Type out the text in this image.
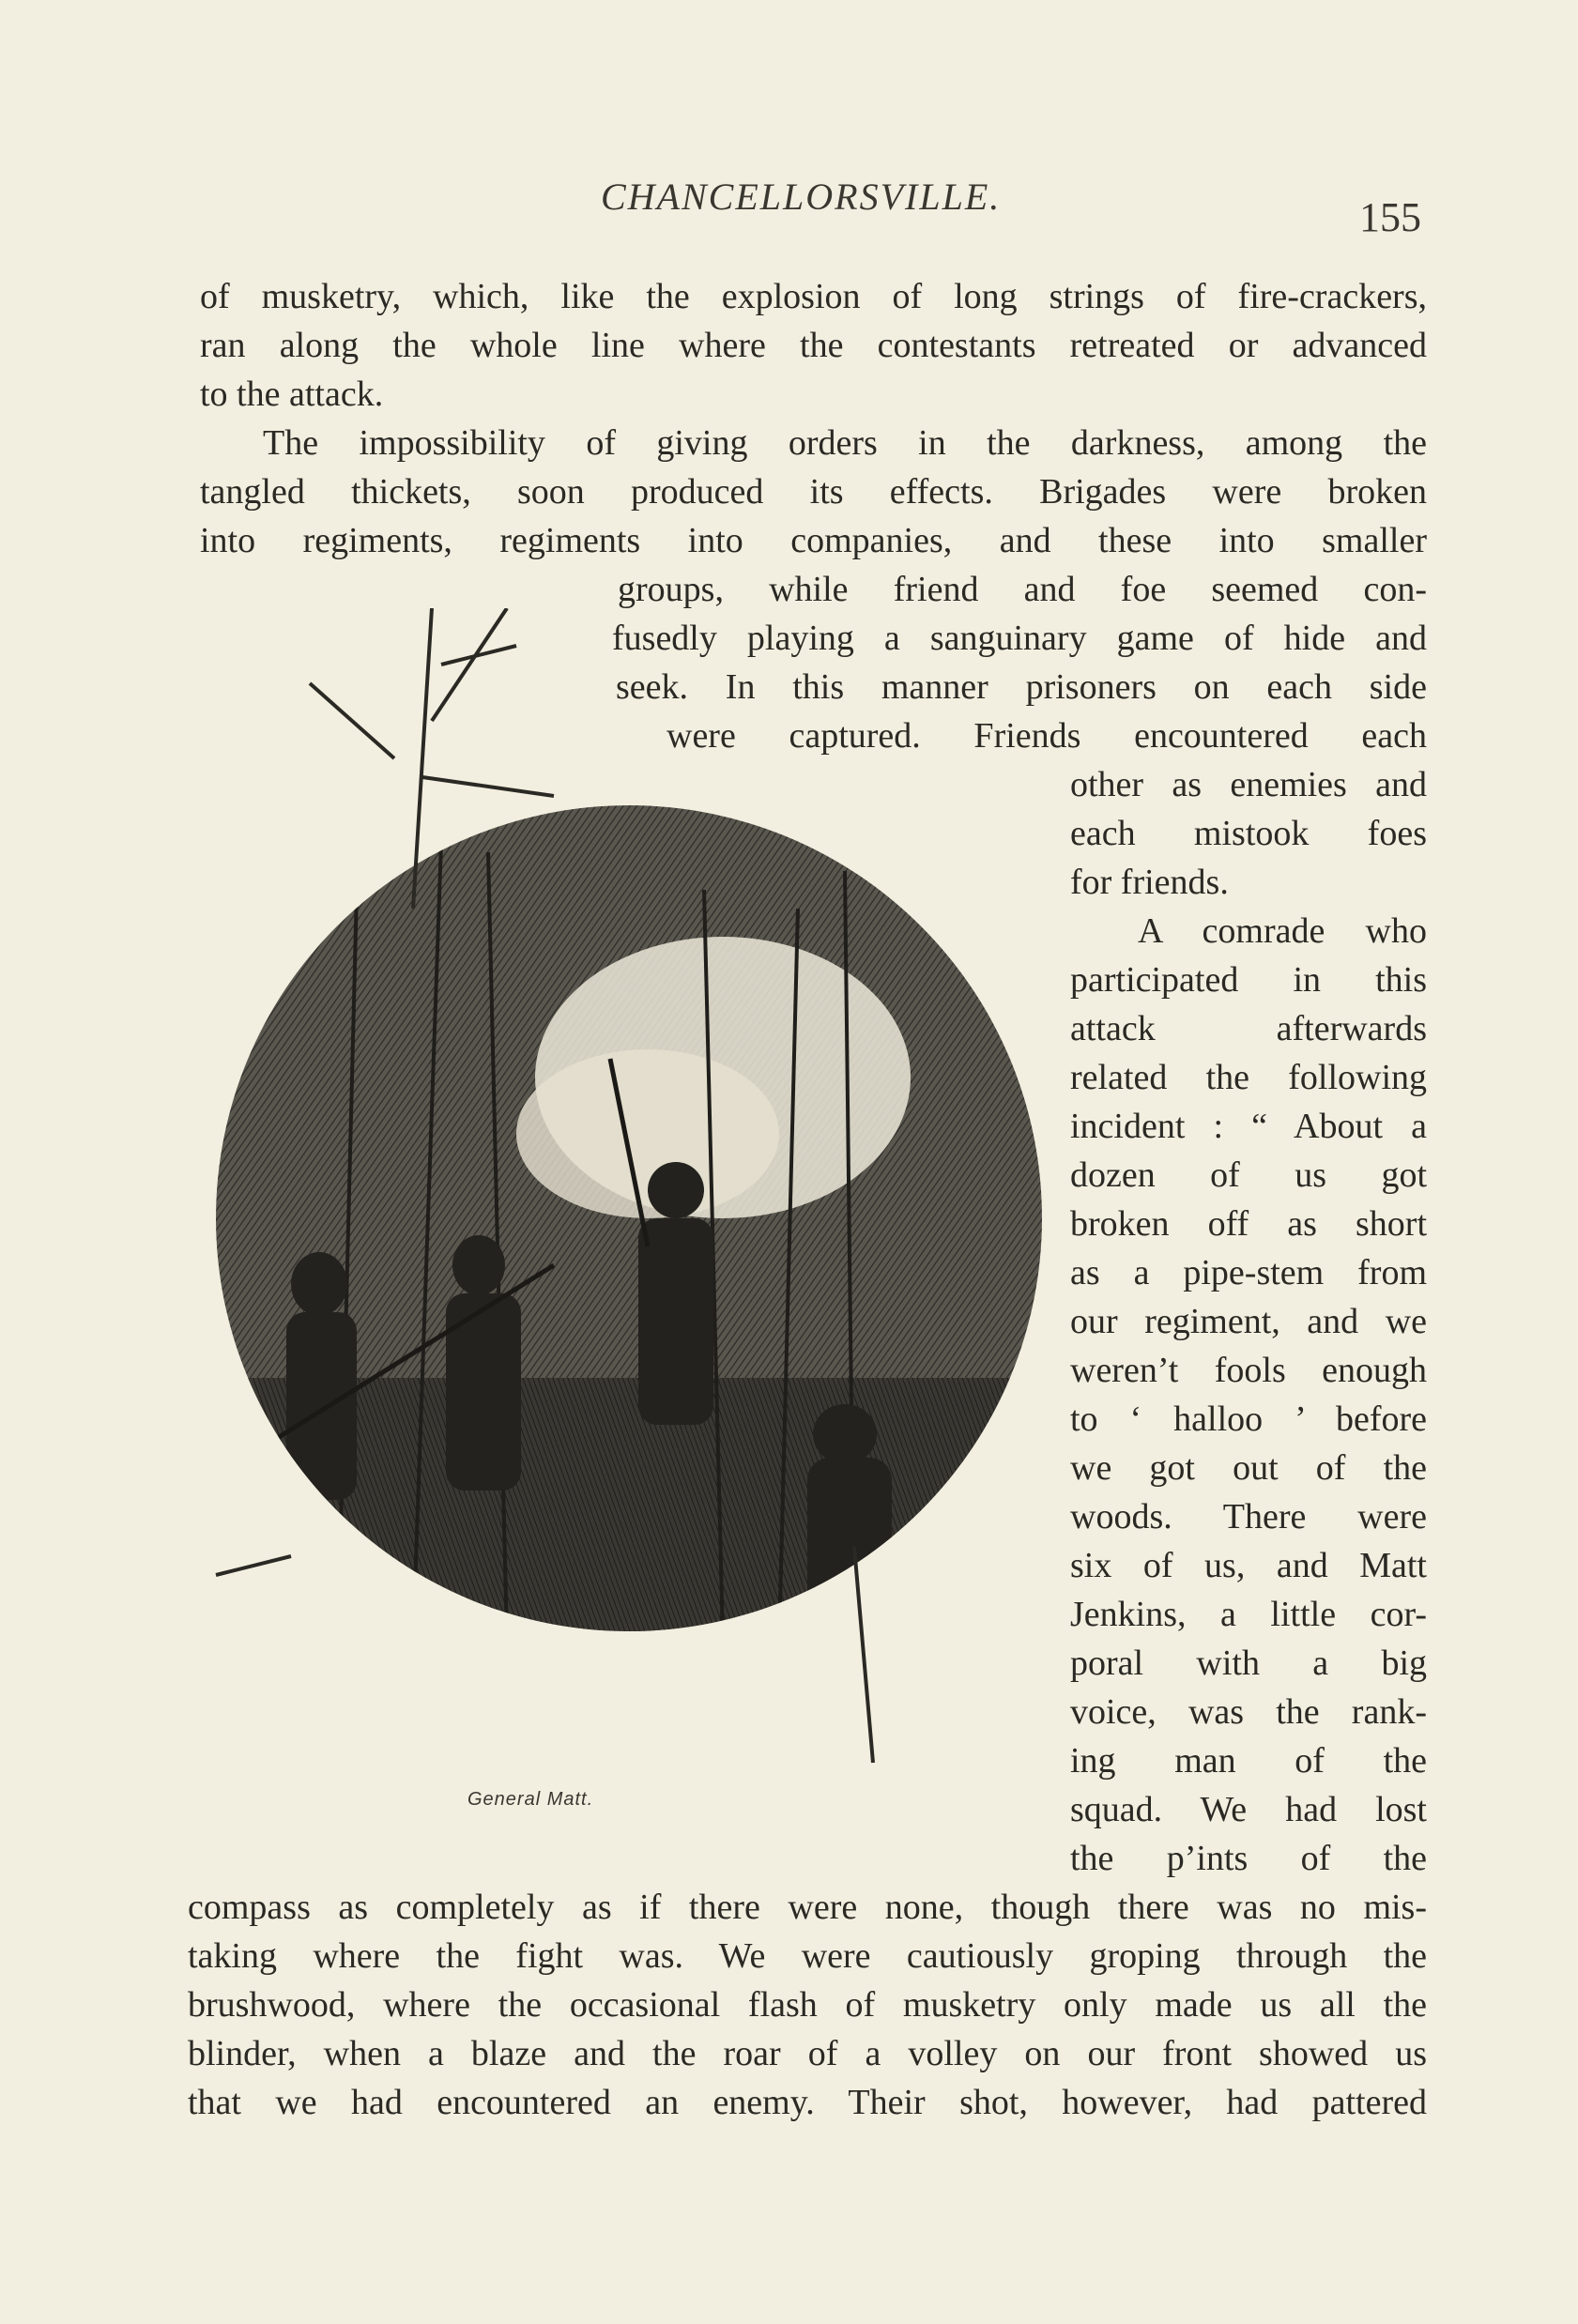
CHANCELLORSVILLE.	155
General Matt.
of musketry, which, like the explosion of long strings of fire-crackers,
ran along the whole line where the contestants retreated or advanced
to the attack.
The impossibility of giving orders in the darkness, among the
tangled thickets, soon produced its effects. Brigades were broken
into regiments, regiments into companies, and these into smaller
groups, while friend and foe seemed con-
fusedly playing a sanguinary game of hide and
seek. In this manner prisoners on each side
were captured. Friends encountered each
other as enemies and
each mistook foes
for friends.
A comrade who
participated in this
attack afterwards
related the following
incident : “ About a
dozen of us got
broken off as short
as a pipe-stem from
our regiment, and we
weren’t fools enough
to ‘ halloo ’ before
we got out of the
woods. There were
six of us, and Matt
Jenkins, a little cor-
poral with a big
voice, was the rank-
ing man of the
squad. We had lost
the p’ints of the
compass as completely as if there were none, though there was no mis-
taking where the fight was. We were cautiously groping through the
brushwood, where the occasional flash of musketry only made us all the
blinder, when a blaze and the roar of a volley on our front showed us
that we had encountered an enemy. Their shot, however, had pattered
